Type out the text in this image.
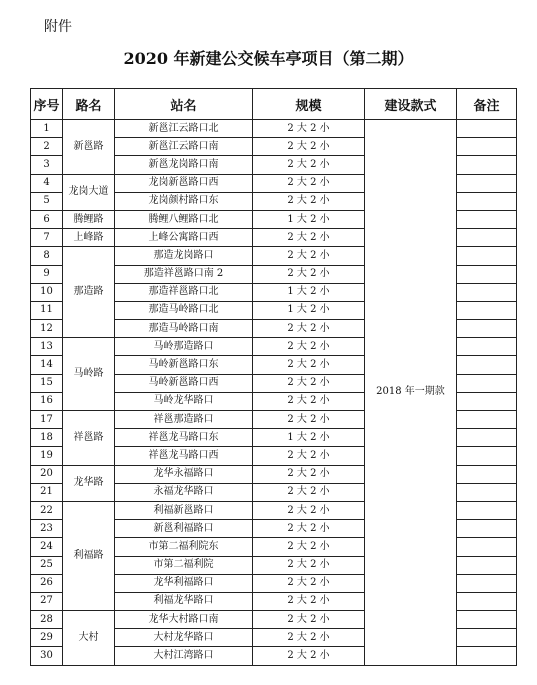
附件
2020 年新建公交候车亭项目（第二期）
序号	路名	站名	规模	建设款式	备注
1	新邕路	新邕江云路口北	2 大 2 小	2018 年一期款	
2		新邕江云路口南	2 大 2 小		
3		新邕龙岗路口南	2 大 2 小		
4	龙岗大道	龙岗新邕路口西	2 大 2 小		
5		龙岗颜村路口东	2 大 2 小		
6	腾鲤路	腾鲤八鲤路口北	1 大 2 小		
7	上峰路	上峰公寓路口西	2 大 2 小		
8	那造路	那造龙岗路口	2 大 2 小		
9		那造祥邕路口南 2	2 大 2 小		
10		那造祥邕路口北	1 大 2 小		
11		那造马岭路口北	1 大 2 小		
12		那造马岭路口南	2 大 2 小		
13	马岭路	马岭那造路口	2 大 2 小		
14		马岭新邕路口东	2 大 2 小		
15		马岭新邕路口西	2 大 2 小		
16		马岭龙华路口	2 大 2 小		
17	祥邕路	祥邕那造路口	2 大 2 小		
18		祥邕龙马路口东	1 大 2 小		
19		祥邕龙马路口西	2 大 2 小		
20	龙华路	龙华永福路口	2 大 2 小		
21		永福龙华路口	2 大 2 小		
22	利福路	利福新邕路口	2 大 2 小		
23		新邕利福路口	2 大 2 小		
24		市第二福利院东	2 大 2 小		
25		市第二福利院	2 大 2 小		
26		龙华利福路口	2 大 2 小		
27		利福龙华路口	2 大 2 小		
28	大村	龙华大村路口南	2 大 2 小		
29		大村龙华路口	2 大 2 小		
30		大村江湾路口	2 大 2 小		
